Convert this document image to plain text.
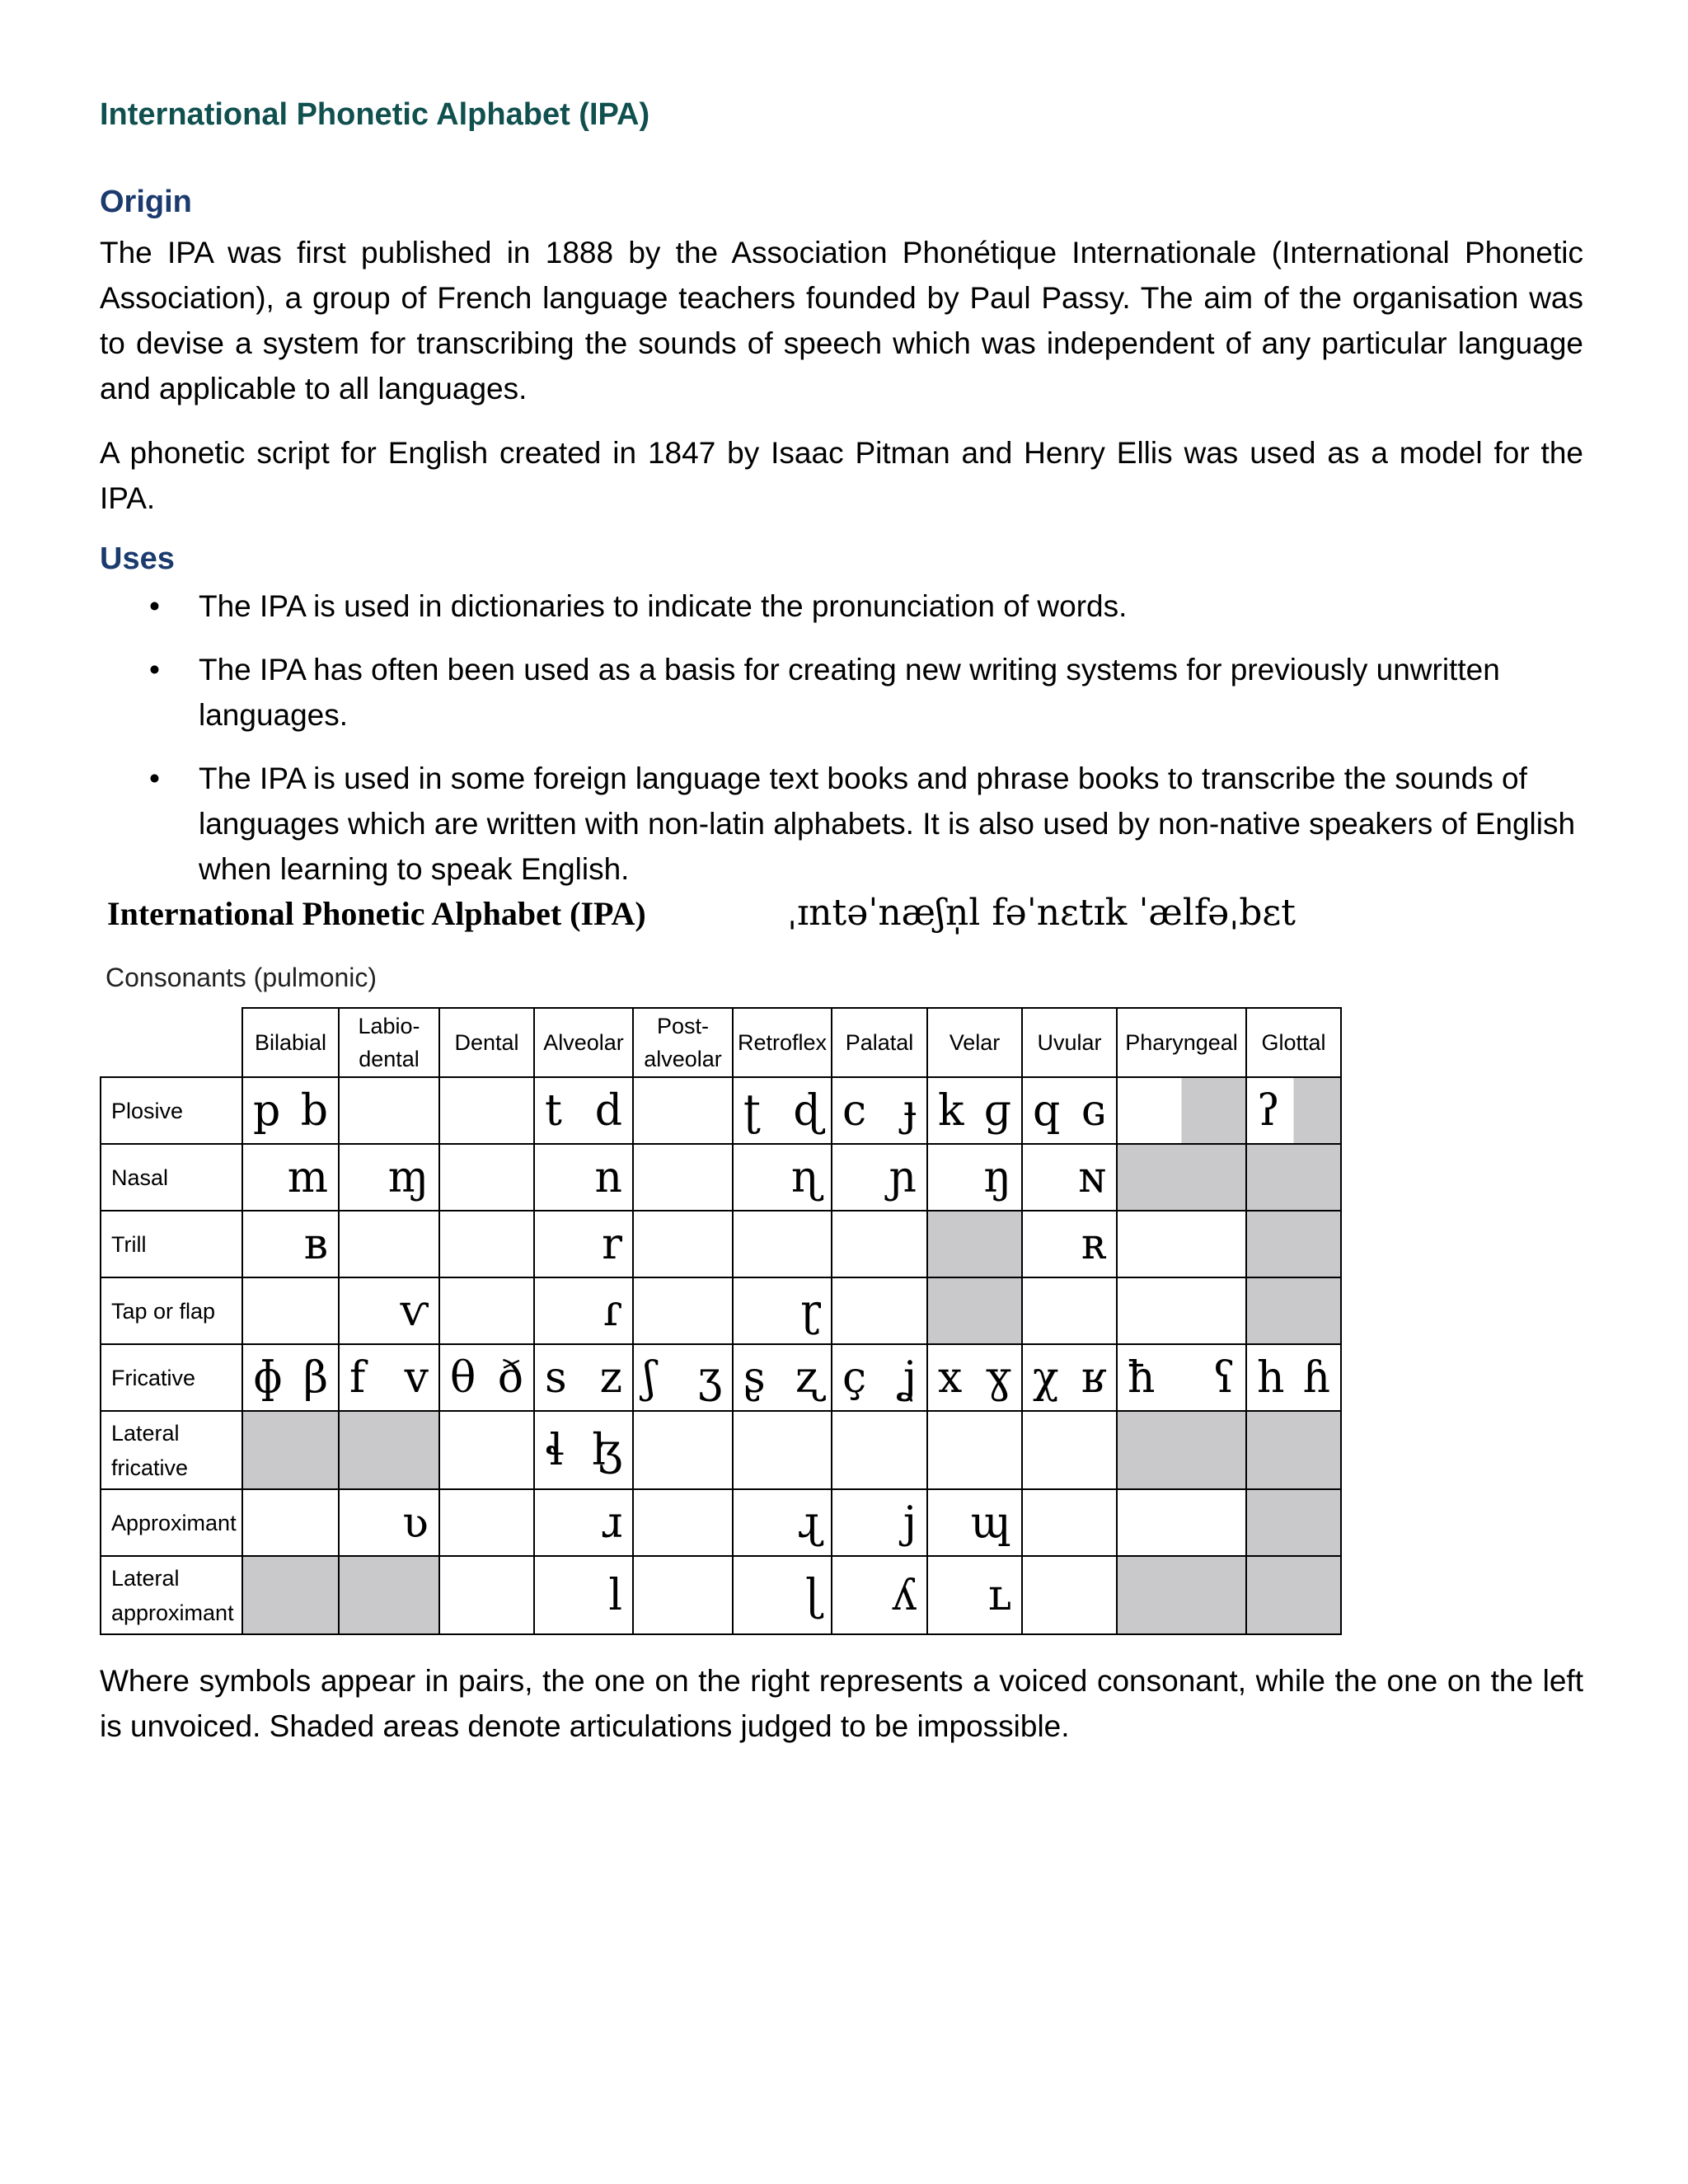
International Phonetic Alphabet (IPA)
Origin
The IPA was first published in 1888 by the Association Phonétique Internationale (International Phonetic Association), a group of French language teachers founded by Paul Passy. The aim of the organisation was to devise a system for transcribing the sounds of speech which was independent of any particular language and applicable to all languages.
A phonetic script for English created in 1847 by Isaac Pitman and Henry Ellis was used as a model for the IPA.
Uses
• The IPA is used in dictionaries to indicate the pronunciation of words.
• The IPA has often been used as a basis for creating new writing systems for previously unwritten languages.
• The IPA is used in some foreign language text books and phrase books to transcribe the sounds of languages which are written with non-latin alphabets. It is also used by non-native speakers of English when learning to speak English.
International Phonetic Alphabet (IPA)	ˌɪntəˈnæʃn̩l fəˈnɛtɪk ˈælfəˌbɛt
Consonants (pulmonic)
	Bilabial	Labio-dental	Dental	Alveolar	Post-alveolar	Retroflex	Palatal	Velar	Uvular	Pharyngeal	Glottal
Plosive	p b			t d		ʈ ɖ	c ɟ	k ɡ	q ɢ		ʔ

Nasal	m	ɱ		n		ɳ	ɲ	ŋ	ɴ		

Trill	ʙ			r					ʀ		

Tap or flap		ⱱ		ɾ		ɽ					

Fricative	ɸ β	f v	θ ð	s z	ʃ ʒ	ʂ ʐ	ç ʝ	x ɣ	χ ʁ	ħ ʕ	h ɦ

Lateral fricative				ɬ ɮ							

Approximant		ʋ		ɹ		ɻ	j	ɰ			

Lateral approximant				l		ɭ	ʎ	ʟ			

Where symbols appear in pairs, the one on the right represents a voiced consonant, while the one on the left is unvoiced. Shaded areas denote articulations judged to be impossible.
